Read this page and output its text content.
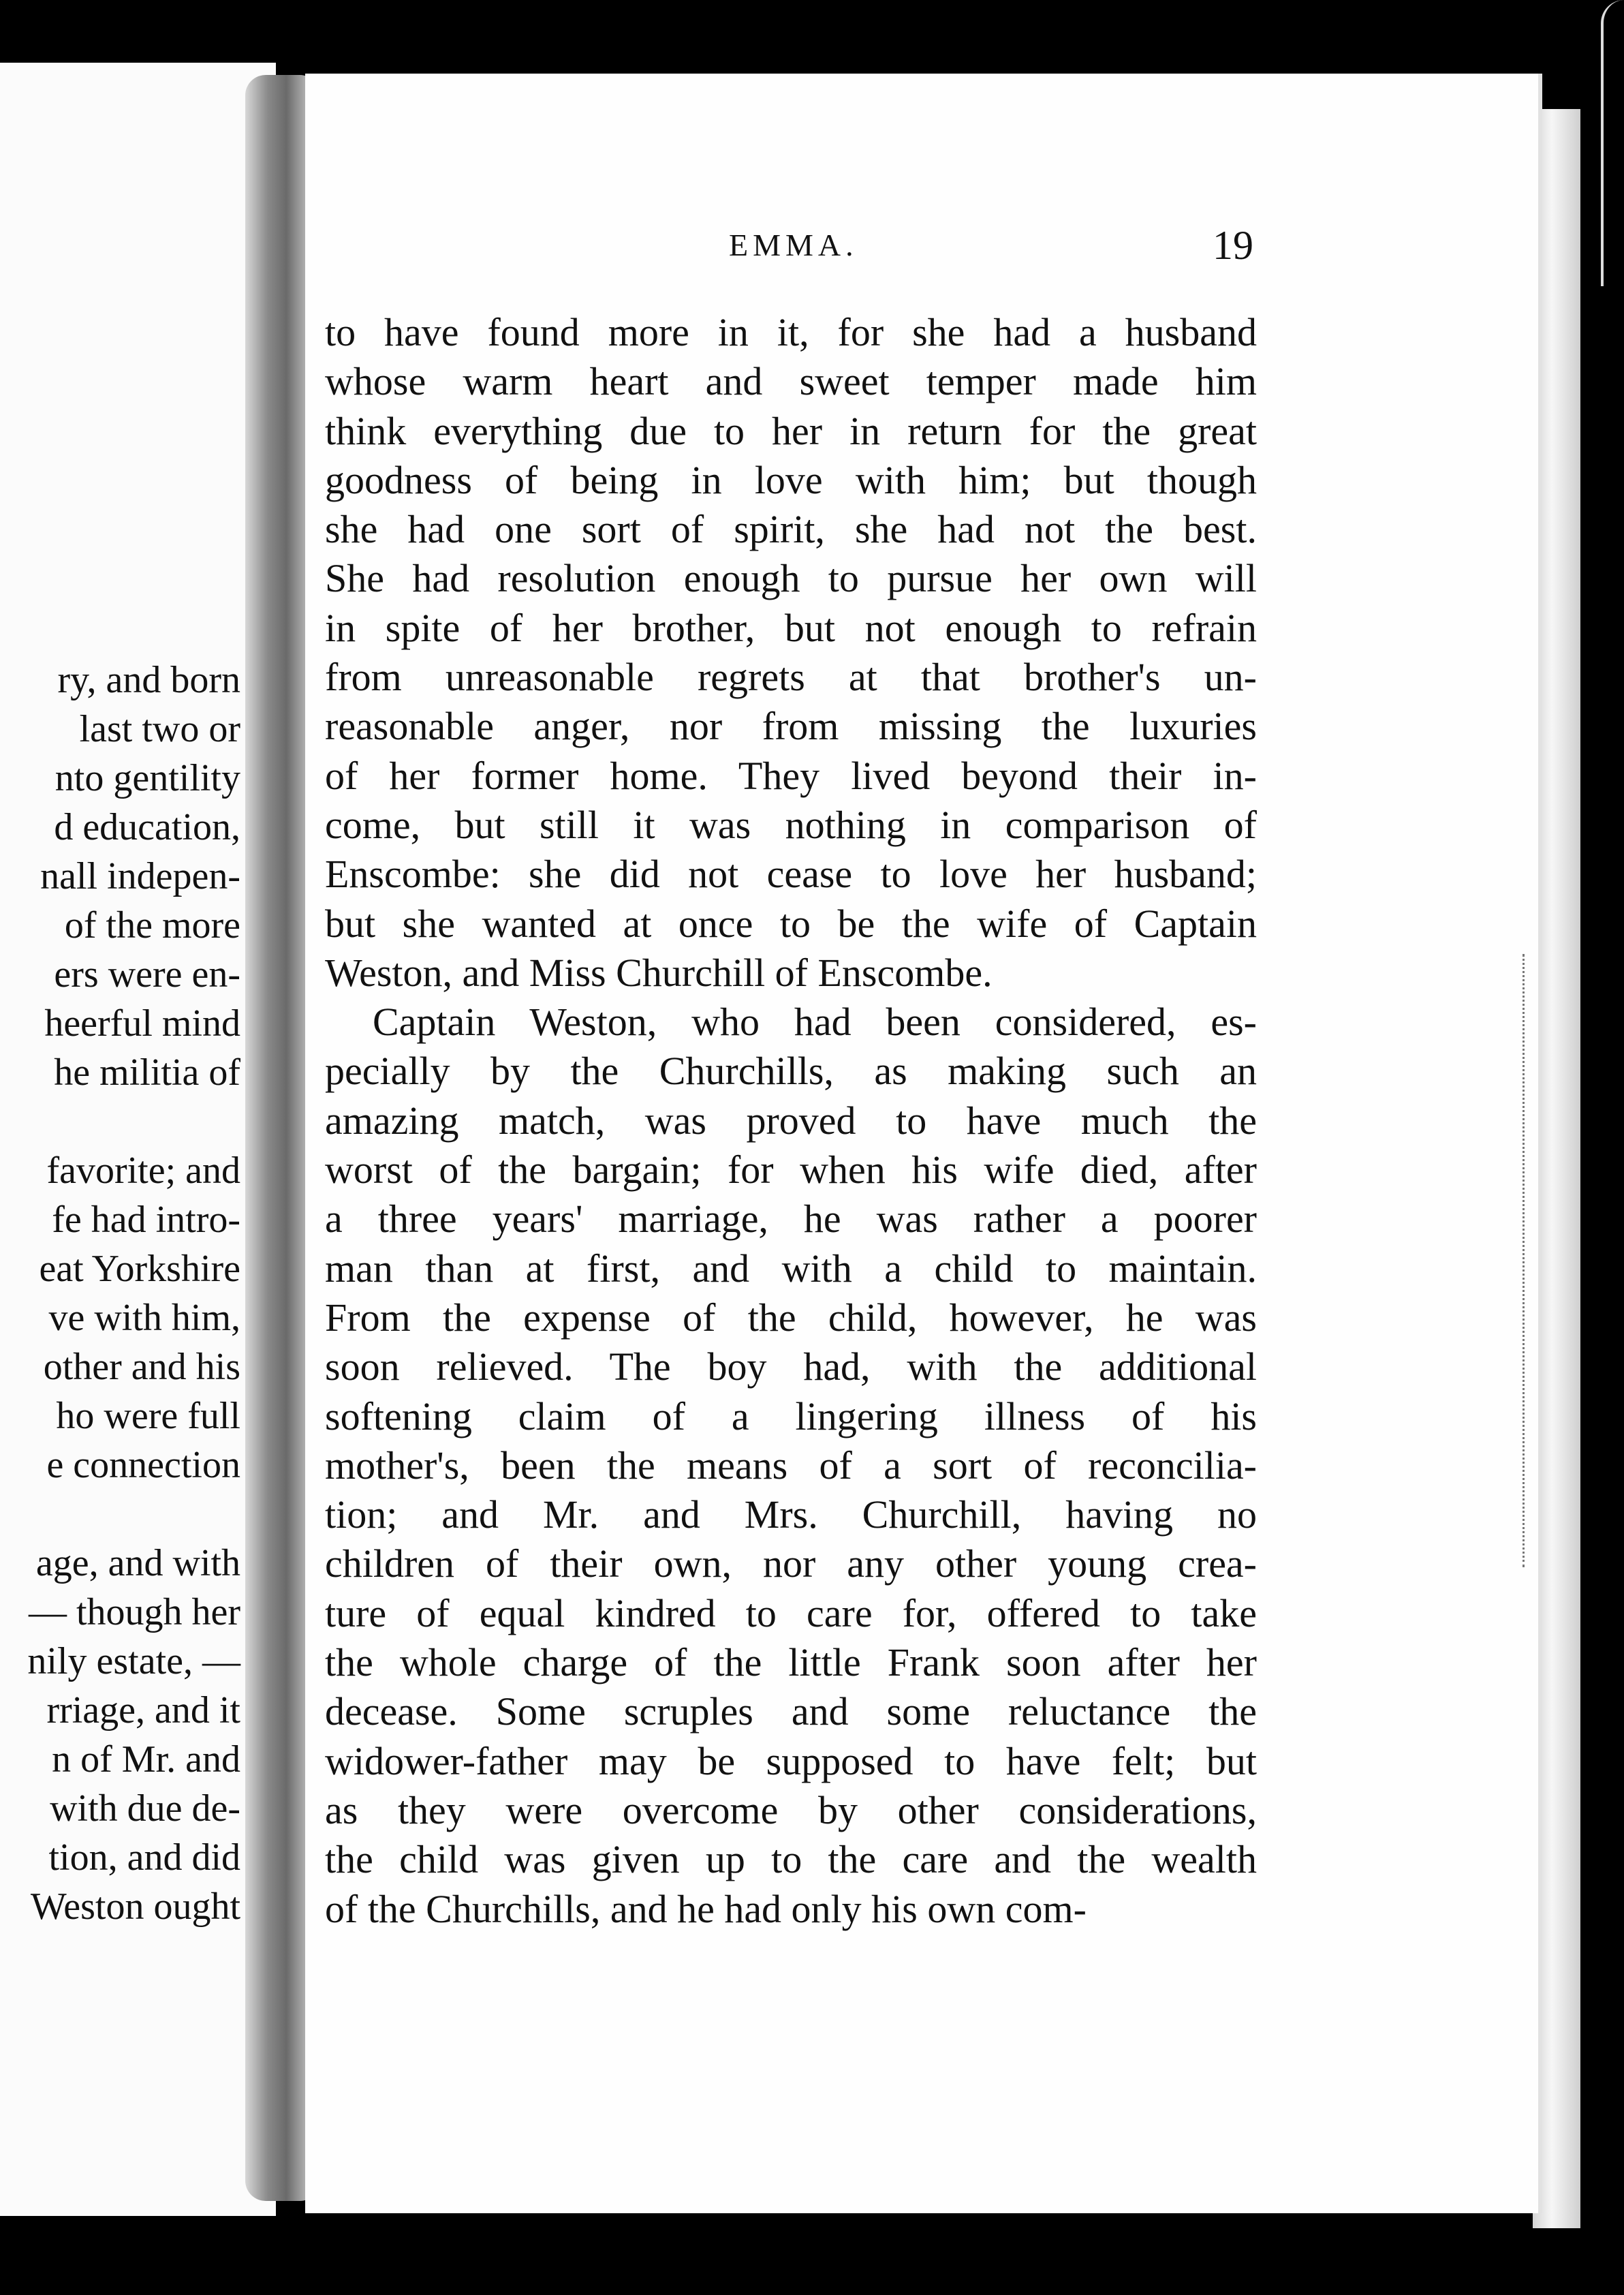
ry, and born
last two or
nto gentility
d education,
nall indepen-
of the more
ers were en-
heerful mind
he militia of
favorite; and
fe had intro-
eat Yorkshire
ve with him,
other and his
ho were full
e connection
age, and with
— though her
nily estate, —
rriage, and it
n of Mr. and
with due de-
tion, and did
Weston ought
EMMA.	19
to have found more in it, for she had a husband
whose warm heart and sweet temper made him
think everything due to her in return for the great
goodness of being in love with him; but though
she had one sort of spirit, she had not the best.
She had resolution enough to pursue her own will
in spite of her brother, but not enough to refrain
from unreasonable regrets at that brother's un-
reasonable anger, nor from missing the luxuries
of her former home. They lived beyond their in-
come, but still it was nothing in comparison of
Enscombe: she did not cease to love her husband;
but she wanted at once to be the wife of Captain
Weston, and Miss Churchill of Enscombe.
Captain Weston, who had been considered, es-
pecially by the Churchills, as making such an
amazing match, was proved to have much the
worst of the bargain; for when his wife died, after
a three years' marriage, he was rather a poorer
man than at first, and with a child to maintain.
From the expense of the child, however, he was
soon relieved. The boy had, with the additional
softening claim of a lingering illness of his
mother's, been the means of a sort of reconcilia-
tion; and Mr. and Mrs. Churchill, having no
children of their own, nor any other young crea-
ture of equal kindred to care for, offered to take
the whole charge of the little Frank soon after her
decease. Some scruples and some reluctance the
widower-father may be supposed to have felt; but
as they were overcome by other considerations,
the child was given up to the care and the wealth
of the Churchills, and he had only his own com-
